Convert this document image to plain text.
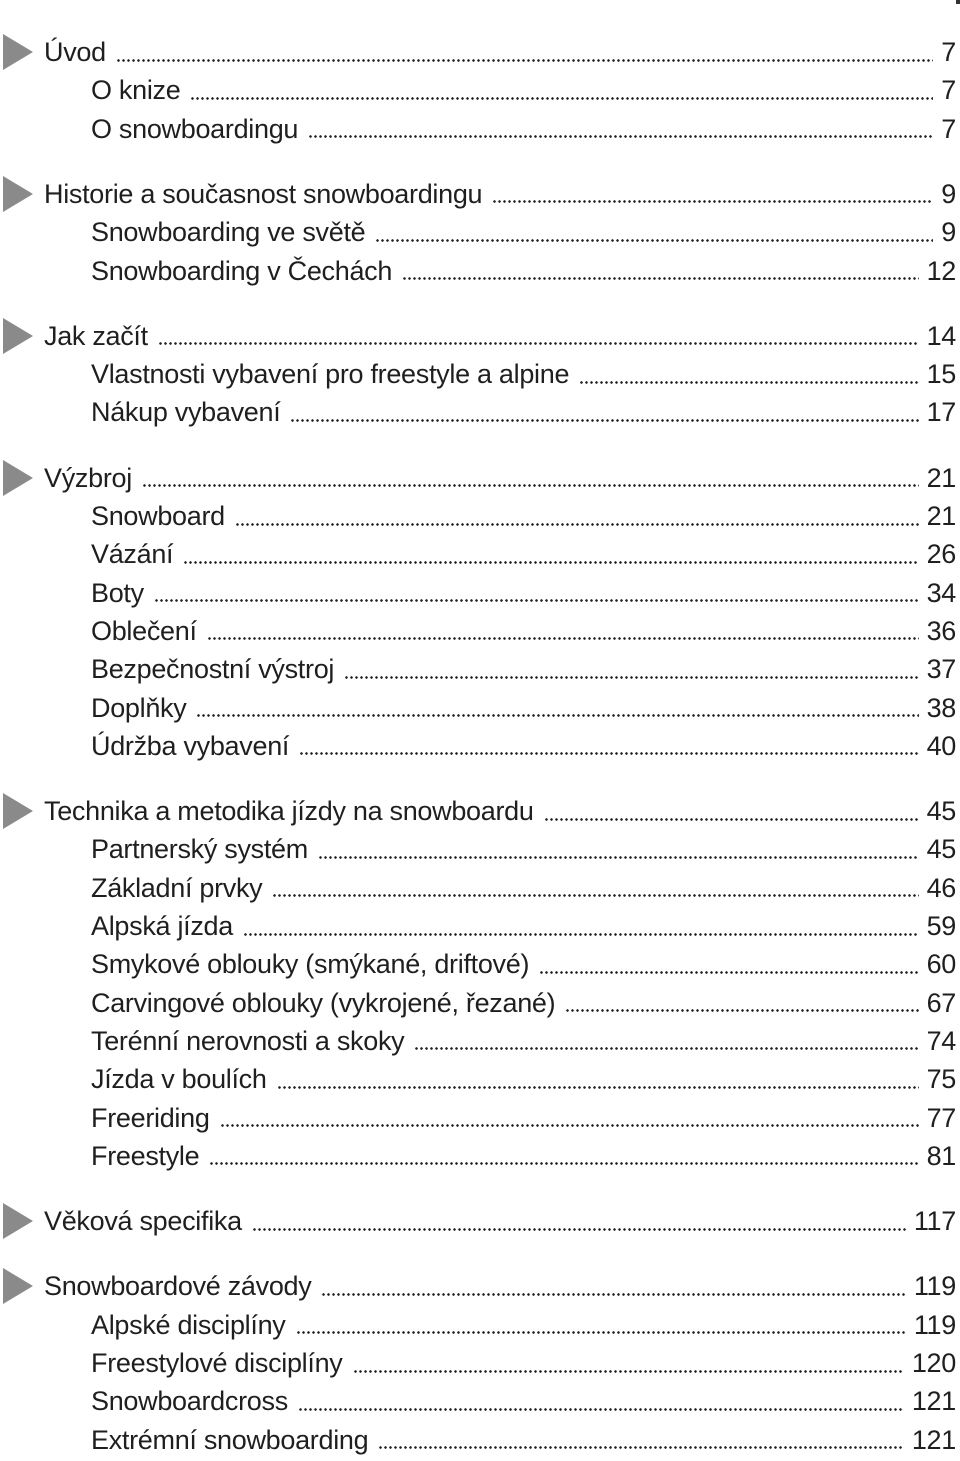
Úvod	7
O knize	7
O snowboardingu	7
Historie a současnost snowboardingu	9
Snowboarding ve světě	9
Snowboarding v Čechách	12
Jak začít	14
Vlastnosti vybavení pro freestyle a alpine	15
Nákup vybavení	17
Výzbroj	21
Snowboard	21
Vázání	26
Boty	34
Oblečení	36
Bezpečnostní výstroj	37
Doplňky	38
Údržba vybavení	40
Technika a metodika jízdy na snowboardu	45
Partnerský systém	45
Základní prvky	46
Alpská jízda	59
Smykové oblouky (smýkané, driftové)	60
Carvingové oblouky (vykrojené, řezané)	67
Terénní nerovnosti a skoky	74
Jízda v boulích	75
Freeriding	77
Freestyle	81
Věková specifika	117
Snowboardové závody	119
Alpské disciplíny	119
Freestylové disciplíny	120
Snowboardcross	121
Extrémní snowboarding	121
